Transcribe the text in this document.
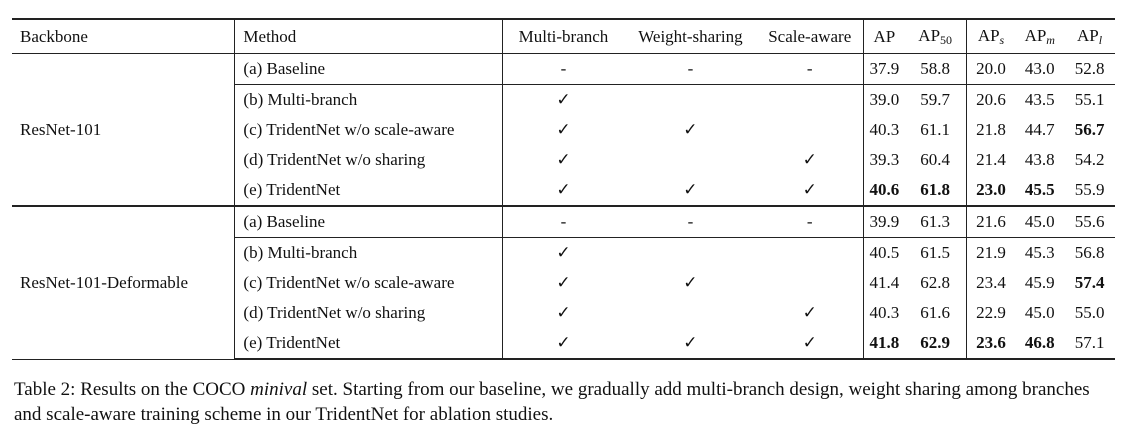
Backbone	Method	Multi-branch	Weight-sharing	Scale-aware	AP	$AP_{50}$	$AP_s$	$AP_m$	$AP_l$
ResNet-101	(a) Baseline	-	-	-	37.9	58.8	20.0	43.0	52.8
	(b) Multi-branch	✓			39.0	59.7	20.6	43.5	55.1
	(c) TridentNet w/o scale-aware	✓	✓		40.3	61.1	21.8	44.7	56.7
	(d) TridentNet w/o sharing	✓		✓	39.3	60.4	21.4	43.8	54.2
	(e) TridentNet	✓	✓	✓	40.6	61.8	23.0	45.5	55.9
ResNet-101-Deformable	(a) Baseline	-	-	-	39.9	61.3	21.6	45.0	55.6
	(b) Multi-branch	✓			40.5	61.5	21.9	45.3	56.8
	(c) TridentNet w/o scale-aware	✓	✓		41.4	62.8	23.4	45.9	57.4
	(d) TridentNet w/o sharing	✓		✓	40.3	61.6	22.9	45.0	55.0
	(e) TridentNet	✓	✓	✓	41.8	62.9	23.6	46.8	57.1
Table 2: Results on the COCO minival set. Starting from our baseline, we gradually add multi-branch design, weight sharing among branches and scale-aware training scheme in our TridentNet for ablation studies.
